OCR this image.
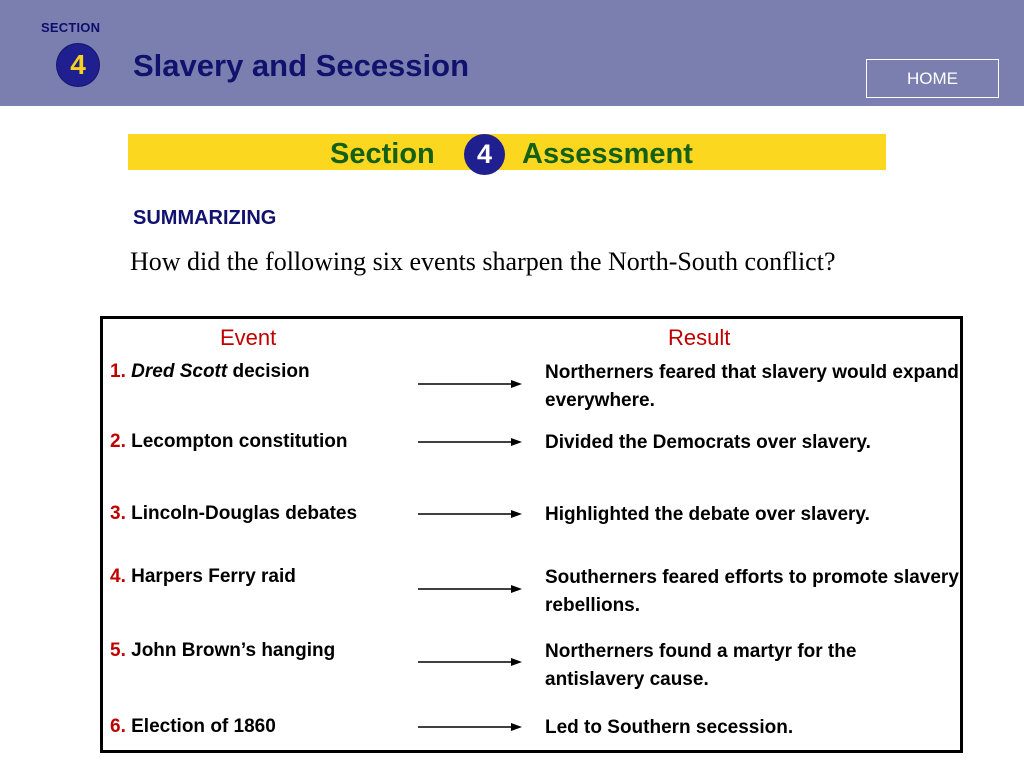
SECTION
4	Slavery and Secession	HOME
Section	4	Assessment
SUMMARIZING
How did the following six events sharpen the North-South conflict?
Event	Result
1. Dred Scott decision	Northerners feared that slavery would expand everywhere.
2. Lecompton constitution	Divided the Democrats over slavery.
3. Lincoln-Douglas debates	Highlighted the debate over slavery.
4. Harpers Ferry raid	Southerners feared efforts to promote slavery rebellions.
5. John Brown’s hanging	Northerners found a martyr for the antislavery cause.
6. Election of 1860	Led to Southern secession.
